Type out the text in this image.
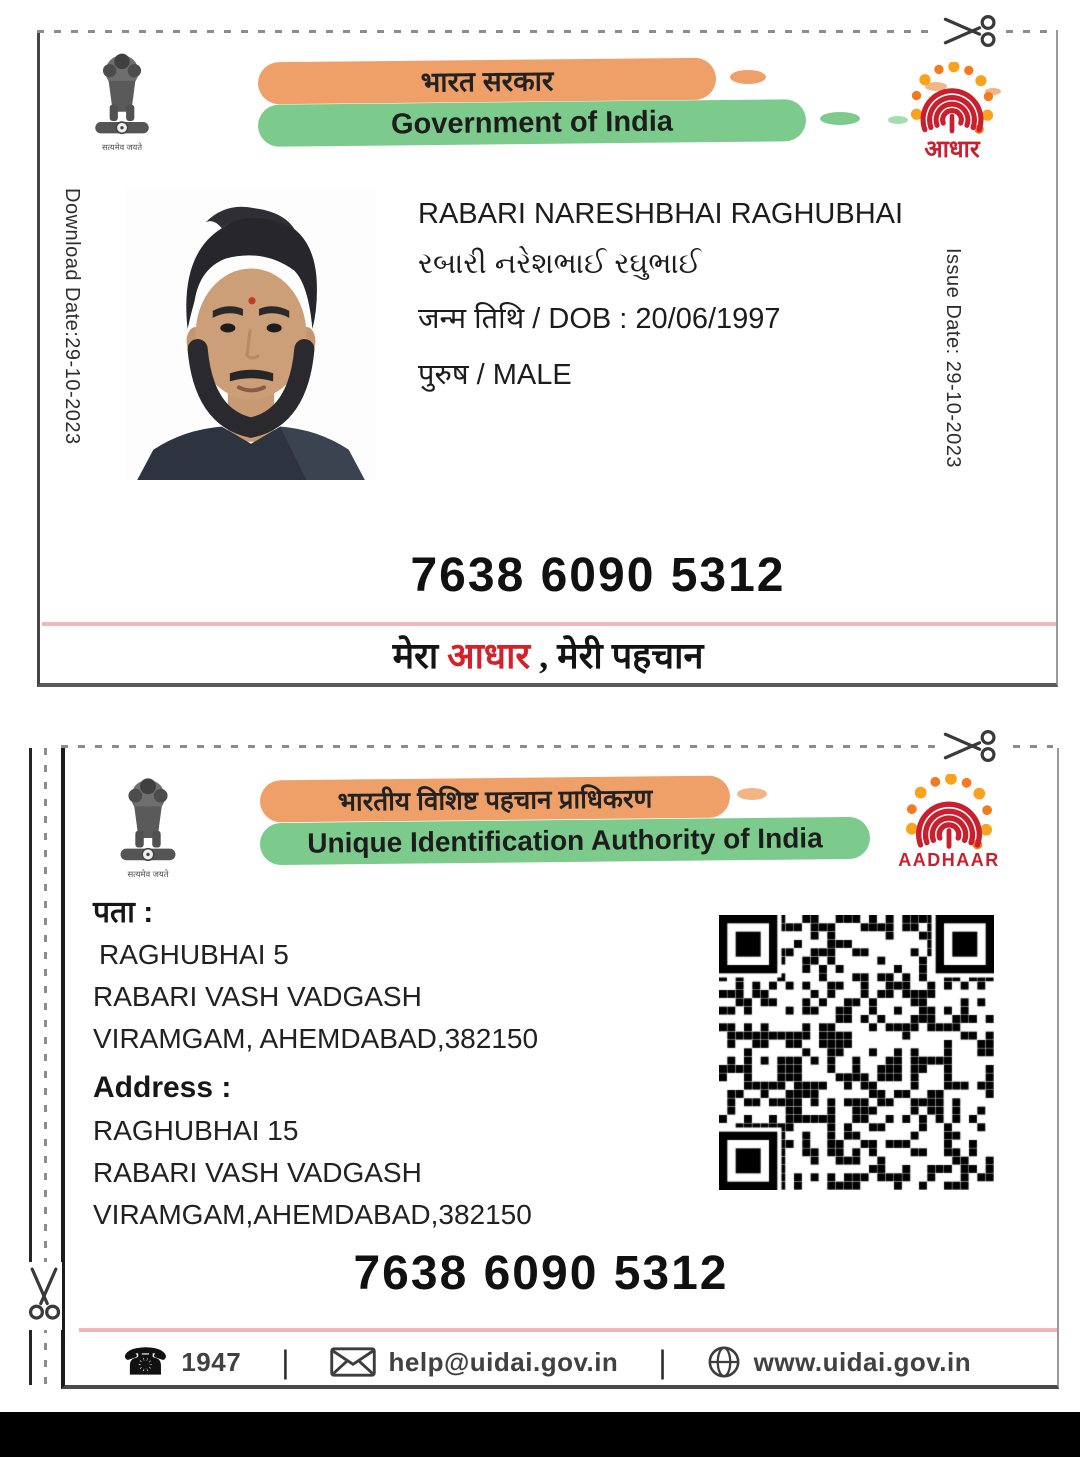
सत्यमेव जयते
भारत सरकार
Government of India
आधार
Download Date:29-10-2023	RABARI NARESHBHAI RAGHUBHAI
રબારી નરેશભાઈ રઘુભાઈ
जन्म तिथि / DOB : 20/06/1997
पुरुष / MALE	Issue Date: 29-10-2023
7638 6090 5312
मेरा आधार , मेरी पहचान
सत्यमेव जयते
भारतीय विशिष्ट पहचान प्राधिकरण
Unique Identification Authority of India
AADHAAR
पता :
RAGHUBHAI 5
RABARI VASH VADGASH
VIRAMGAM, AHEMDABAD,382150
Address :
RAGHUBHAI 15
RABARI VASH VADGASH
VIRAMGAM,AHEMDABAD,382150
7638 6090 5312
☎ 1947 |	help@uidai.gov.in |	www.uidai.gov.in
